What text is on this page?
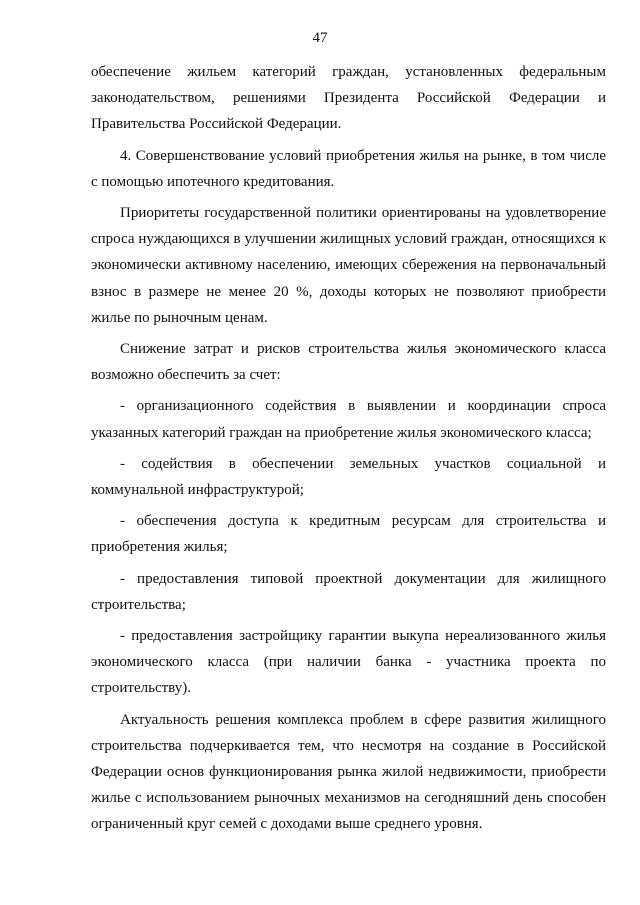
47

обеспечение жильем категорий граждан, установленных федеральным законодательством, решениями Президента Российской Федерации и Правительства Российской Федерации.

4. Совершенствование условий приобретения жилья на рынке, в том числе с помощью ипотечного кредитования.

Приоритеты государственной политики ориентированы на удовлетворение спроса нуждающихся в улучшении жилищных условий граждан, относящихся к экономически активному населению, имеющих сбережения на первоначальный взнос в размере не менее 20 %, доходы которых не позволяют приобрести жилье по рыночным ценам.

Снижение затрат и рисков строительства жилья экономического класса возможно обеспечить за счет:

- организационного содействия в выявлении и координации спроса указанных категорий граждан на приобретение жилья экономического класса;

- содействия в обеспечении земельных участков социальной и коммунальной инфраструктурой;

- обеспечения доступа к кредитным ресурсам для строительства и приобретения жилья;

- предоставления типовой проектной документации для жилищного строительства;

- предоставления застройщику гарантии выкупа нереализованного жилья экономического класса (при наличии банка - участника проекта по строительству).

Актуальность решения комплекса проблем в сфере развития жилищного строительства подчеркивается тем, что несмотря на создание в Российской Федерации основ функционирования рынка жилой недвижимости, приобрести жилье с использованием рыночных механизмов на сегодняшний день способен ограниченный круг семей с доходами выше среднего уровня.
